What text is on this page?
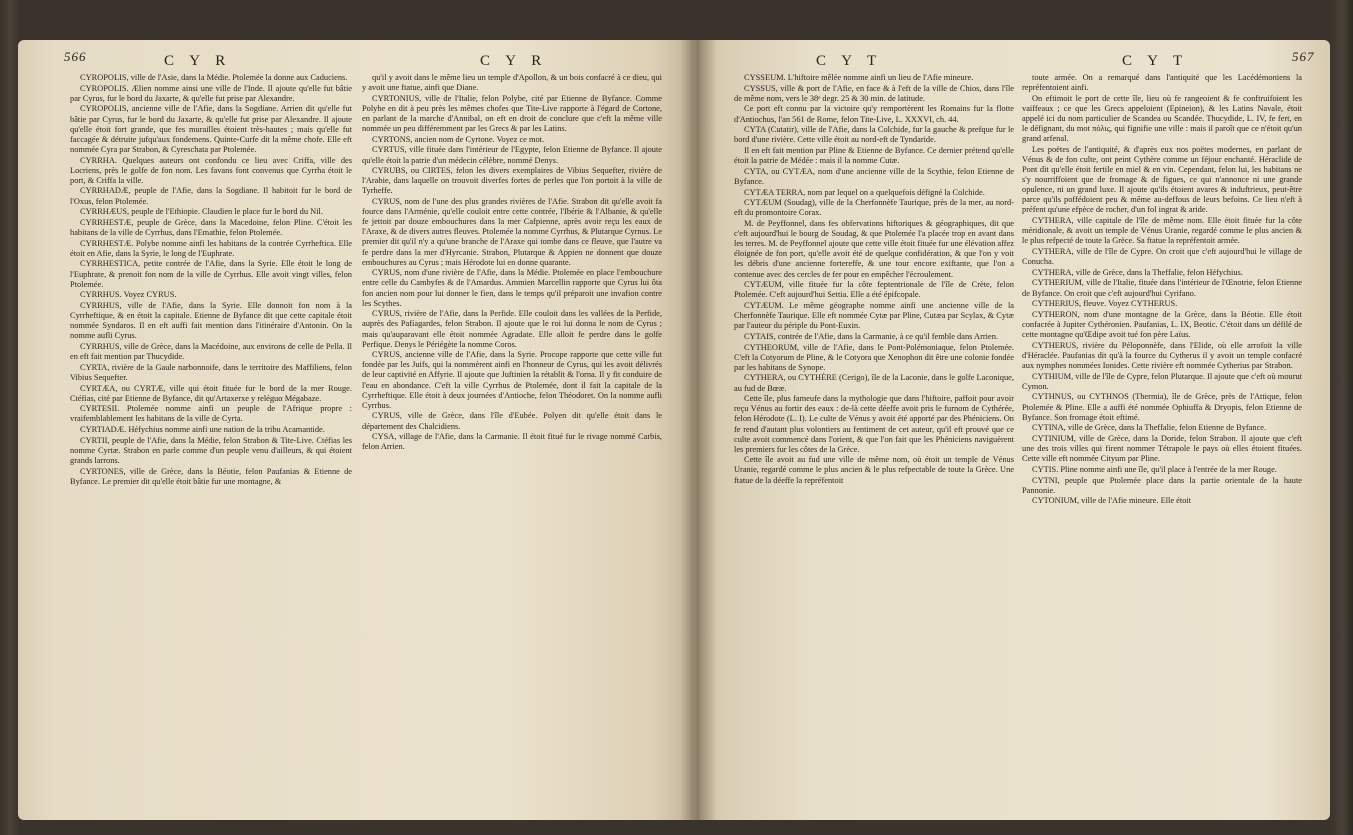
566	C Y R	C Y R

CYROPOLIS, ville de l'Asie, dans la Médie. Ptolemée la donne aux Caduciens.

CYROPOLIS. Ælien nomme ainsi une ville de l'Inde. Il ajoute qu'elle fut bâtie par Cyrus, fur le bord du Jaxarte, & qu'elle fut prise par Alexandre.

CYROPOLIS, ancienne ville de l'Afie, dans la Sogdiane. Arrien dit qu'elle fut bâtie par Cyrus, fur le bord du Jaxarte, & qu'elle fut prise par Alexandre. Il ajoute qu'elle étoit fort grande, que fes murailles étoient très-hautes ; mais qu'elle fut faccagée & détruite jufqu'aux fondemens. Quinte-Curfe dit la même chofe. Elle eft nommée Cyra par Strabon, & Cyreschata par Ptolemée.

CYRRHA. Quelques auteurs ont confondu ce lieu avec Criffa, ville des Locriens, près le golfe de fon nom. Les favans font convenus que Cyrrha étoit le port, & Criffa la ville.

CYRRHADÆ, peuple de l'Afie, dans la Sogdiane. Il habitoit fur le bord de l'Oxus, felon Ptolemée.

CYRRHÆUS, peuple de l'Ethiopie. Claudien le place fur le bord du Nil.

CYRRHESTÆ, peuple de Grèce, dans la Macedoine, felon Pline. C'étoit les habitans de la ville de Cyrrhus, dans l'Emathie, felon Ptolemée.

CYRRHESTÆ. Polybe nomme ainfi les habitans de la contrée Cyrrheftica. Elle étoit en Afie, dans la Syrie, le long de l'Euphrate.

CYRRHESTICA, petite contrée de l'Afie, dans la Syrie. Elle étoit le long de l'Euphrate, & prenoit fon nom de la ville de Cyrrhus. Elle avoit vingt villes, felon Ptolemée.

CYRRHUS. Voyez CYRUS.

CYRRHUS, ville de l'Afie, dans la Syrie. Elle donnoit fon nom à la Cyrrheftique, & en étoit la capitale. Etienne de Byfance dit que cette capitale étoit nommée Syndaros. Il en eft auffi fait mention dans l'itinéraire d'Antonin. On la nomme aufli Cyrus.

CYRRHUS, ville de Grèce, dans la Macédoine, aux environs de celle de Pella. Il en eft fait mention par Thucydide.

CYRTA, rivière de la Gaule narbonnoife, dans le territoire des Maffiliens, felon Vibius Sequefter.

CYRTÆA, ou CYRTÆ, ville qui étoit fituée fur le bord de la mer Rouge. Ctéfias, cité par Etienne de Byfance, dit qu'Artaxerxe y reléguα Mégabaze.

CYRTESII. Ptolemée nomme ainfi un peuple de l'Afrique propre : vraifemblablement les habitans de la ville de Cyrta.

CYRTIADÆ. Héfychius nomme ainfi une nation de la tribu Acamantide.

CYRTII, peuple de l'Afie, dans la Médie, felon Strabon & Tite-Live. Ctéfias les nomme Cyrtæ. Strabon en parle comme d'un peuple venu d'ailleurs, & qui étoient grands larrons.

CYRTONES, ville de Grèce, dans la Béotie, felon Paufanias & Etienne de Byfance. Le premier dit qu'elle étoit bâtie fur une montagne, &

qu'il y avoit dans le même lieu un temple d'Apollon, & un bois confacré à ce dieu, qui y avoit une ftatue, ainfi que Diane.

CYRTONIUS, ville de l'Italie, felon Polybe, cité par Etienne de Byfance. Comme Polybe en dit à peu près les mêmes chofes que Tite-Live rapporte à l'égard de Cortone, en parlant de la marche d'Annibal, on eft en droit de conclure que c'eft la même ville nommée un peu différemment par les Grecs & par les Latins.

CYRTONS, ancien nom de Cyrtone. Voyez ce mot.

CYRTUS, ville fituée dans l'intérieur de l'Egypte, felon Etienne de Byfance. Il ajoute qu'elle étoit la patrie d'un médecin célèbre, nommé Denys.

CYRUBS, ou CIRTES, felon les divers exemplaires de Vibius Sequefter, rivière de l'Arabie, dans laquelle on trouvoit diverfes fortes de perles que l'on portoit à la ville de Tyrheffe.

CYRUS, nom de l'une des plus grandes rivières de l'Afie. Strabon dit qu'elle avoit fa fource dans l'Arménie, qu'elle couloit entre cette contrée, l'Ibérie & l'Albanie, & qu'elle fe jettoit par douze embouchures dans la mer Cafpienne, après avoir reçu les eaux de l'Araxe, & de divers autres fleuves. Ptolemée la nomme Cyrrhus, & Plutarque Cyrnus. Le premier dit qu'il n'y a qu'une branche de l'Araxe qui tombe dans ce fleuve, que l'autre va fe perdre dans la mer d'Hyrcanie. Strabon, Plutarque & Appien ne donnent que douze embouchures au Cyrus ; mais Hérodote lui en donne quarante.

CYRUS, nom d'une rivière de l'Afie, dans la Médie. Ptolemée en place l'embouchure entre celle du Cambyfes & de l'Amardus. Ammien Marcellin rapporte que Cyrus lui ôta fon ancien nom pour lui donner le fien, dans le temps qu'il préparoit une invafion contre les Scythes.

CYRUS, rivière de l'Afie, dans la Perfide. Elle couloit dans les vallées de la Perfide, auprès des Pafíagardes, felon Strabon. Il ajoute que le roi lui donna le nom de Cyrus ; mais qu'auparavant elle étoit nommée Agradate. Elle alloit fe perdre dans le golfe Perfique. Denys le Périégète la nomme Coros.

CYRUS, ancienne ville de l'Afie, dans la Syrie. Procope rapporte que cette ville fut fondée par les Juifs, qui la nommèrent ainfi en l'honneur de Cyrus, qui les avoit délivrés de leur captivité en Affyrie. Il ajoute que Juftinien la rétablit & l'orna. Il y fit conduire de l'eau en abondance. C'eft la ville Cyrrhus de Ptolemée, dont il fait la capitale de la Cyrrheftique. Elle étoit à deux journées d'Antioche, felon Théodoret. On la nomme aufli Cyrrhus.

CYRUS, ville de Grèce, dans l'île d'Eubée. Polyen dit qu'elle étoit dans le département des Chalcidiens.

CYSA, village de l'Afie, dans la Carmanie. Il étoit fitué fur le rivage nommé Carbis, felon Arrien.

C Y T	C Y T	567

CYSSEUM. L'hiftoire mêlée nomme ainfi un lieu de l'Afie mineure.

CYSSUS, ville & port de l'Afie, en face & à l'eft de la ville de Chios, dans l'île de même nom, vers le 38ᵉ degr. 25 & 30 min. de latitude.

Ce port eft connu par la victoire qu'y remportèrent les Romains fur la flotte d'Antiochus, l'an 561 de Rome, felon Tite-Live, L. XXXVI, ch. 44.

CYTA (Cutatir), ville de l'Afie, dans la Colchide, fur la gauche & prefque fur le bord d'une rivière. Cette ville étoit au nord-eft de Tyndaride.

Il en eft fait mention par Pline & Etienne de Byfance. Ce dernier prétend qu'elle étoit la patrie de Médée : mais il la nomme Cutæ.

CYTA, ou CYTÆA, nom d'une ancienne ville de la Scythie, felon Etienne de Byfance.

CYTÆA TERRA, nom par lequel on a quelquefois défigné la Colchide.

CYTÆUM (Soudag), ville de la Cherfonnèfe Taurique, près de la mer, au nord-eft du promontoire Corax.

M. de Peyffonnel, dans fes obfervations hiftoriques & géographiques, dit que c'eft aujourd'hui le bourg de Soudag, & que Ptolemée l'a placée trop en avant dans les terres. M. de Peyffonnel ajoute que cette ville étoit fituée fur une élévation affez éloignée de fon port, qu'elle avoit été de quelque confidération, & que l'on y voit les débris d'une ancienne fortereffe, & une tour encore exiftante, que l'on a contenue avec des cercles de fer pour en empêcher l'écroulement.

CYTÆUM, ville fituée fur la côte feptentrionale de l'île de Crète, felon Ptolemée. C'eft aujourd'hui Settia. Elle a été épifcopale.

CYTÆUM. Le même géographe nomme ainfi une ancienne ville de la Cherfonnèfe Taurique. Elle eft nommée Cytæ par Pline, Cutæa par Scylax, & Cytæ par l'auteur du périple du Pont-Euxin.

CYTAIS, contrée de l'Afie, dans la Carmanie, à ce qu'il femble dans Arrien.

CYTHEORUM, ville de l'Afie, dans le Pont-Polémoniaque, felon Ptolemée. C'eft la Cotyorum de Pline, & le Cotyora que Xenophon dit être une colonie fondée par les habitans de Synope.

CYTHERA, ou CYTHÈRE (Cerigo), île de la Laconie, dans le golfe Laconique, au fud de Bœæ.

Cette île, plus fameufe dans la mythologie que dans l'hiftoire, paffoit pour avoir reçu Vénus au fortir des eaux : de-là cette déeffe avoit pris le furnom de Cythérée, felon Hérodote (L. I). Le culte de Vénus y avoit été apporté par des Phéniciens. On fe rend d'autant plus volontiers au fentiment de cet auteur, qu'il eft prouvé que ce culte avoit commencé dans l'orient, & que l'on fait que les Phéniciens naviguèrent les premiers fur les côtes de la Grèce.

Cette île avoit au fud une ville de même nom, où étoit un temple de Vénus Uranie, regardé comme le plus ancien & le plus refpectable de toute la Grèce. Une ftatue de la déeffe la repréfentoit

toute armée. On a remarqué dans l'antiquité que les Lacédémoniens la repréfentoient ainfi.

On eftimoit le port de cette île, lieu où fe rangeoient & fe conftruifoient les vaiffeaux ; ce que les Grecs appeloient (Epineion), & les Latins Navale, étoit appelé ici du nom particulier de Scandea ou Scandée. Thucydide, L. IV, fe fert, en le défignant, du mot πόλις, qui fignifie une ville : mais il paroît que ce n'étoit qu'un grand arfenal.

Les poëtes de l'antiquité, & d'après eux nos poëtes modernes, en parlant de Vénus & de fon culte, ont peint Cythère comme un féjour enchanté. Héraclide de Pont dit qu'elle étoit fertile en miel & en vin. Cependant, felon lui, les habitans ne s'y nourriffoient que de fromage & de figues, ce qui n'annonce ni une grande opulence, ni un grand luxe. Il ajoute qu'ils étoient avares & induftrieux, peut-être parce qu'ils poffédoient peu & même au-deffous de leurs befoins. Ce lieu n'eft à préfent qu'une efpèce de rocher, d'un fol ingrat & aride.

CYTHERA, ville capitale de l'île de même nom. Elle étoit fituée fur la côte méridionale, & avoit un temple de Vénus Uranie, regardé comme le plus ancien & le plus refpecté de toute la Grèce. Sa ftatue la repréfentoit armée.

CYTHERA, ville de l'île de Cypre. On croit que c'eft aujourd'hui le village de Conucha.

CYTHERA, ville de Grèce, dans la Theffalie, felon Héfychius.

CYTHERIUM, ville de l'Italie, fituée dans l'intérieur de l'Œnotrie, felon Etienne de Byfance. On croit que c'eft aujourd'hui Cyrifano.

CYTHERIUS, fleuve. Voyez CYTHERUS.

CYTHERON, nom d'une montagne de la Grèce, dans la Béotie. Elle étoit confacrée à Jupiter Cythéronien. Paufanias, L. IX, Beotic. C'étoit dans un défilé de cette montagne qu'Œdipe avoit tué fon père Laïus.

CYTHERUS, rivière du Péloponnèfe, dans l'Elide, où elle arrofoit la ville d'Héraclée. Paufanias dit qu'à la fource du Cytherus il y avoit un temple confacré aux nymphes nommées Ionides. Cette rivière eft nommée Cytherius par Strabon.

CYTHIUM, ville de l'île de Cypre, felon Plutarque. Il ajoute que c'eft où mourut Cymon.

CYTHNUS, ou CYTHNOS (Thermia), île de Grèce, près de l'Attique, felon Ptolemée & Pline. Elle a auffi été nommée Ophiuffa & Dryopis, felon Etienne de Byfance. Son fromage étoit eftimé.

CYTINA, ville de Grèce, dans la Theffalie, felon Etienne de Byfance.

CYTINIUM, ville de Grèce, dans la Doride, felon Strabon. Il ajoute que c'eft une des trois villes qui firent nommer Tétrapole le pays où elles étoient fituées. Cette ville eft nommée Cityum par Pline.

CYTIS. Pline nomme ainfi une île, qu'il place à l'entrée de la mer Rouge.

CYTNI, peuple que Ptolemée place dans la partie orientale de la haute Pannonie.

CYTONIUM, ville de l'Afie mineure. Elle étoit
